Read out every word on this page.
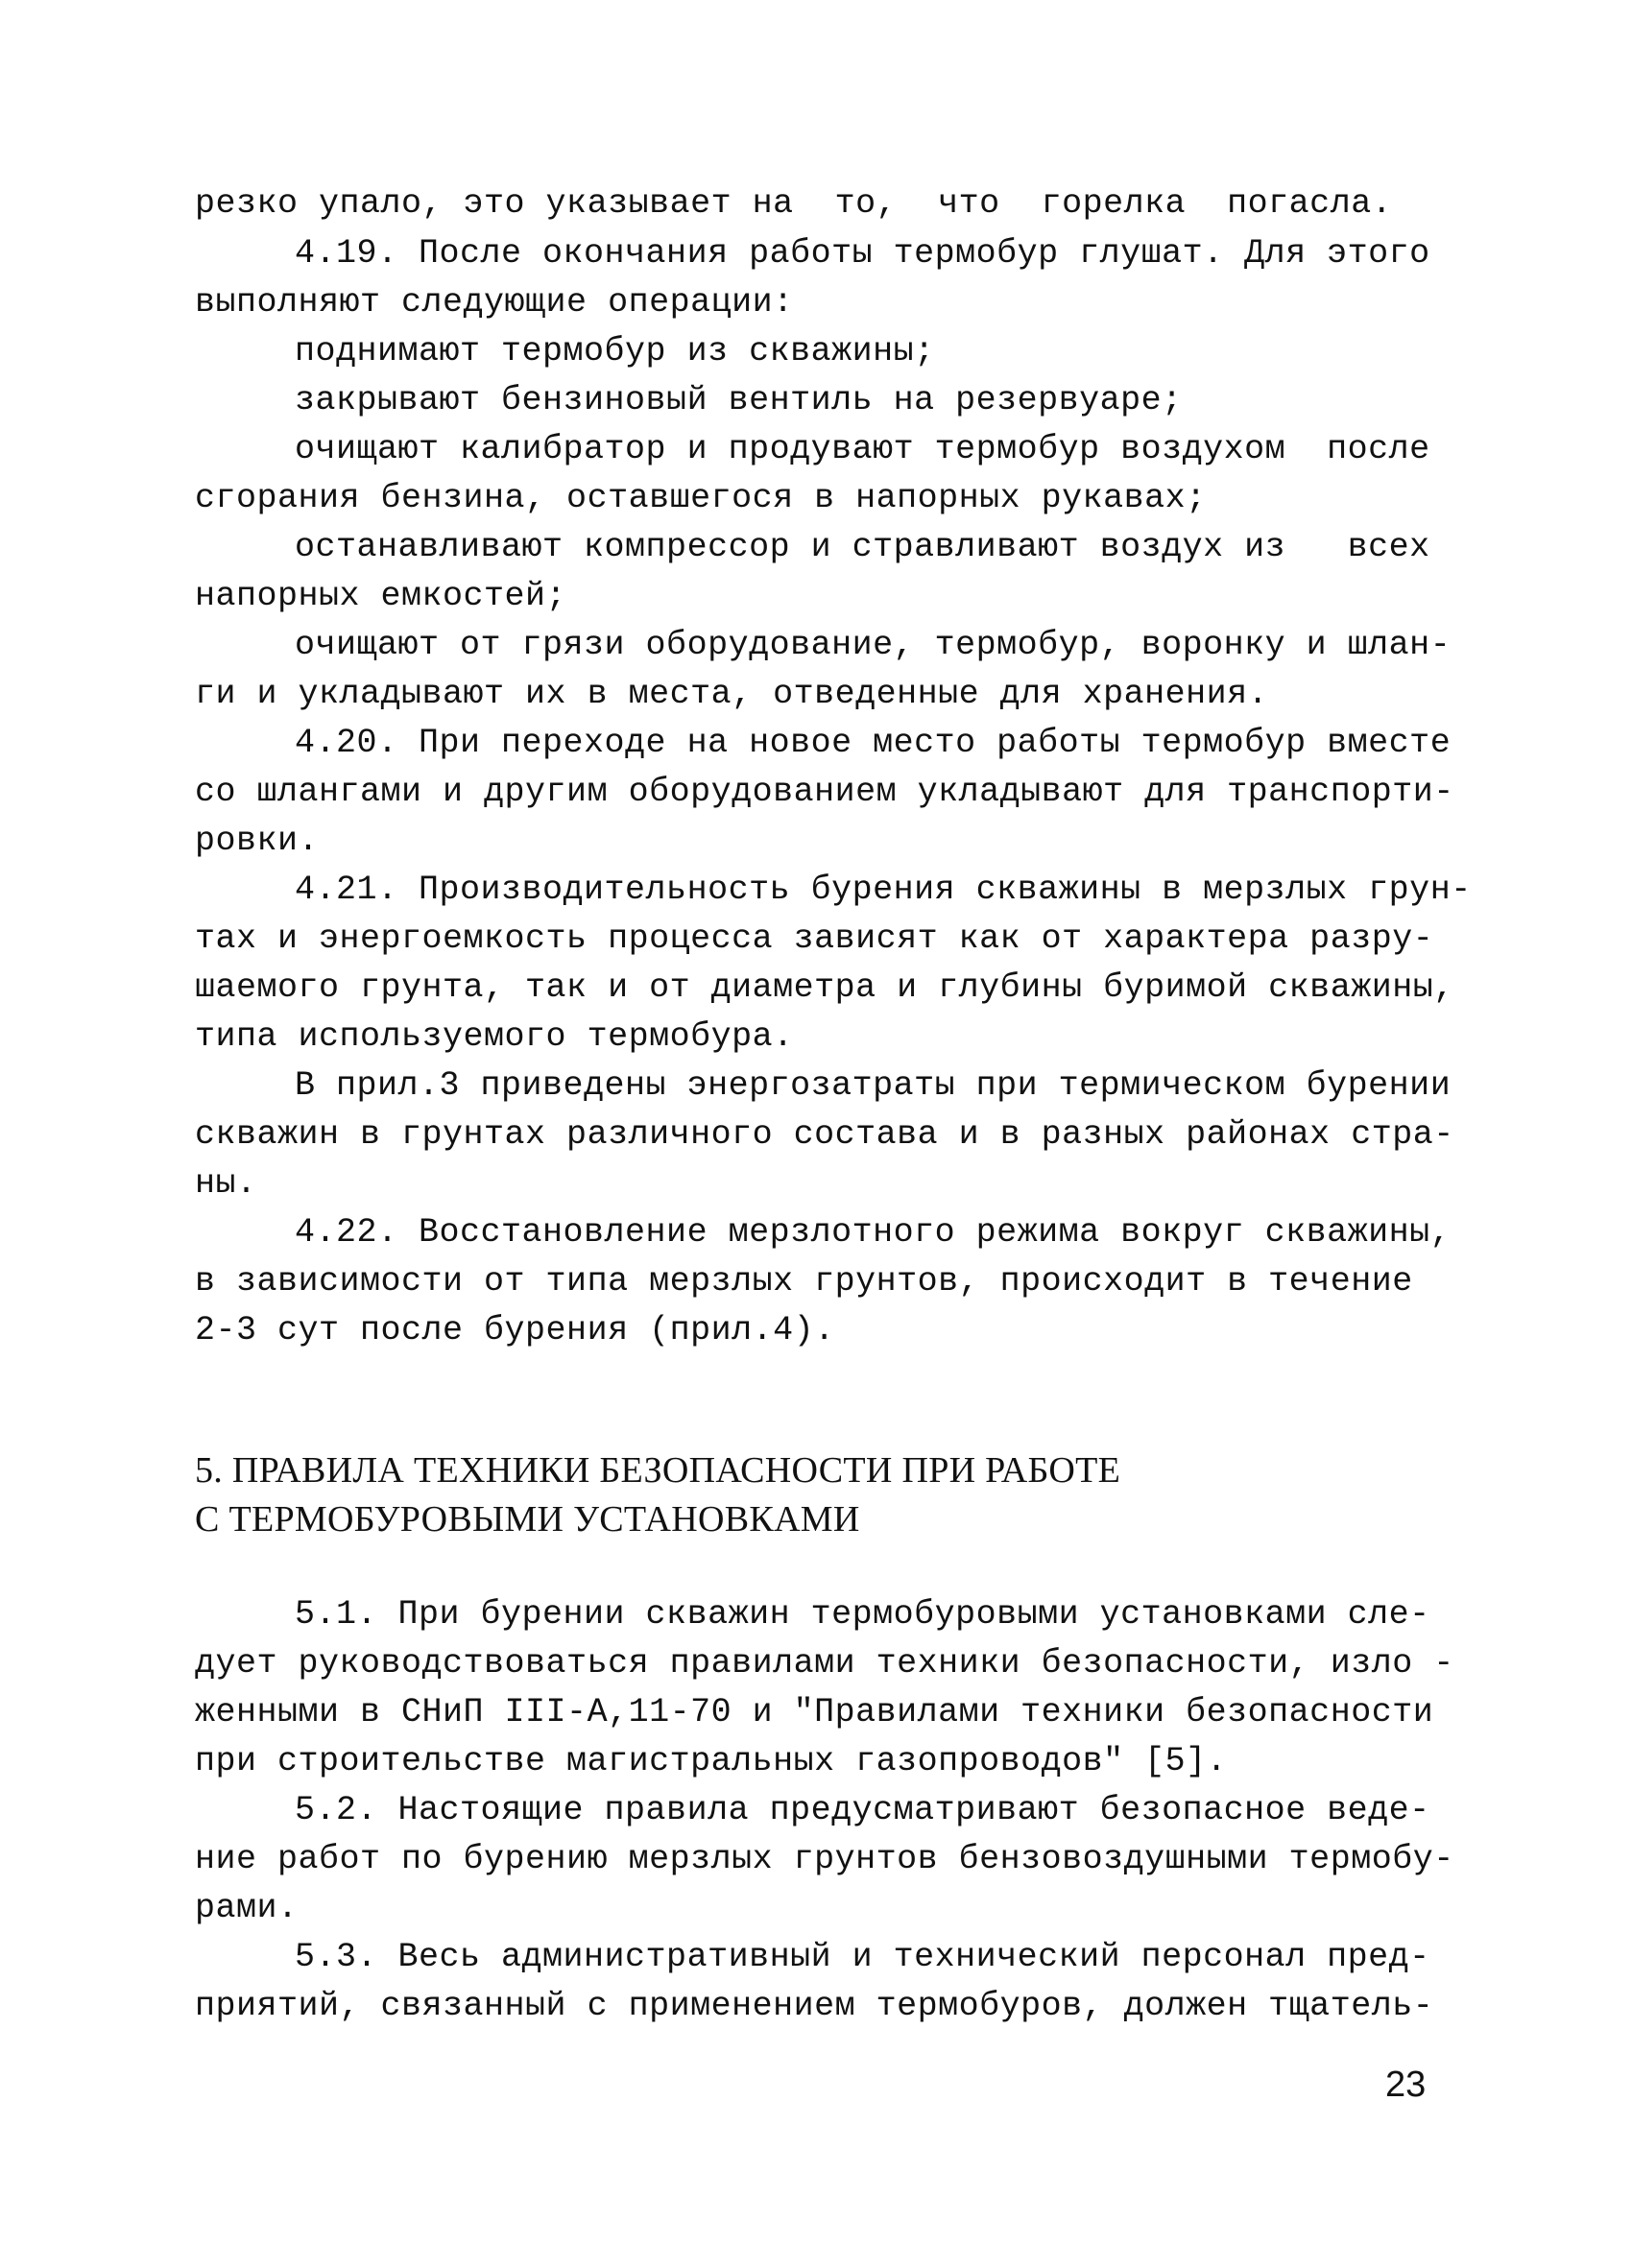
резко упало, это указывает на  то,  что  горелка  погасла.
4.19. После окончания работы термобур глушат. Для этого
выполняют следующие операции:
поднимают термобур из скважины;
закрывают бензиновый вентиль на резервуаре;
очищают калибратор и продувают термобур воздухом  после
сгорания бензина, оставшегося в напорных рукавах;
останавливают компрессор и стравливают воздух из   всех
напорных емкостей;
очищают от грязи оборудование, термобур, воронку и шлан-
ги и укладывают их в места, отведенные для хранения.
4.20. При переходе на новое место работы термобур вместе
со шлангами и другим оборудованием укладывают для транспорти-
ровки.
4.21. Производительность бурения скважины в мерзлых грун-
тах и энергоемкость процесса зависят как от характера разру-
шаемого грунта, так и от диаметра и глубины буримой скважины,
типа используемого термобура.
В прил.3 приведены энергозатраты при термическом бурении
скважин в грунтах различного состава и в разных районах стра-
ны.
4.22. Восстановление мерзлотного режима вокруг скважины,
в зависимости от типа мерзлых грунтов, происходит в течение
2-3 сут после бурения (прил.4).
5. ПРАВИЛА ТЕХНИКИ БЕЗОПАСНОСТИ ПРИ РАБОТЕ
С ТЕРМОБУРОВЫМИ УСТАНОВКАМИ
5.1. При бурении скважин термобуровыми установками сле-
дует руководствоваться правилами техники безопасности, изло -
женными в СНиП III-А,11-70 и "Правилами техники безопасности
при строительстве магистральных газопроводов" [5].
5.2. Настоящие правила предусматривают безопасное веде-
ние работ по бурению мерзлых грунтов бензовоздушными термобу-
рами.
5.3. Весь административный и технический персонал пред-
приятий, связанный с применением термобуров, должен тщатель-
23
